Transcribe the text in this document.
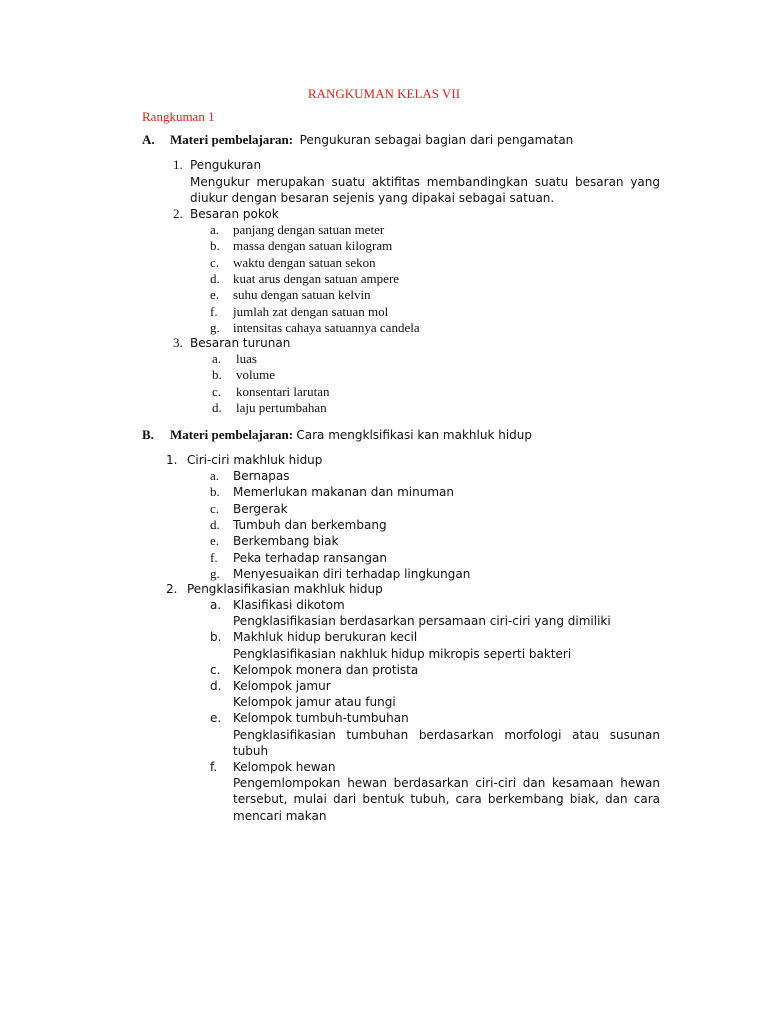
RANGKUMAN KELAS VII
Rangkuman 1
A. Materi pembelajaran: Pengukuran sebagai bagian dari pengamatan
1. Pengukuran
Mengukur merupakan suatu aktifitas membandingkan suatu besaran yang diukur dengan besaran sejenis yang dipakai sebagai satuan.
2. Besaran pokok
a. panjang dengan satuan meter
b. massa dengan satuan kilogram
c. waktu dengan satuan sekon
d. kuat arus dengan satuan ampere
e. suhu dengan satuan kelvin
f. jumlah zat dengan satuan mol
g. intensitas cahaya satuannya candela
3. Besaran turunan
a. luas
b. volume
c. konsentari larutan
d. laju pertumbahan
B. Materi pembelajaran: Cara mengklsifikasi kan makhluk hidup
1. Ciri-ciri makhluk hidup
a. Bernapas
b. Memerlukan makanan dan minuman
c. Bergerak
d. Tumbuh dan berkembang
e. Berkembang biak
f. Peka terhadap ransangan
g. Menyesuaikan diri terhadap lingkungan
2. Pengklasifikasian makhluk hidup
a. Klasifikasi dikotom
Pengklasifikasian berdasarkan persamaan ciri-ciri yang dimiliki
b. Makhluk hidup berukuran kecil
Pengklasifikasian nakhluk hidup mikropis seperti bakteri
c. Kelompok monera dan protista
d. Kelompok jamur
Kelompok jamur atau fungi
e. Kelompok tumbuh-tumbuhan
Pengklasifikasian tumbuhan berdasarkan morfologi atau susunan tubuh
f. Kelompok hewan
Pengemlompokan hewan berdasarkan ciri-ciri dan kesamaan hewan tersebut, mulai dari bentuk tubuh, cara berkembang biak, dan cara mencari makan
